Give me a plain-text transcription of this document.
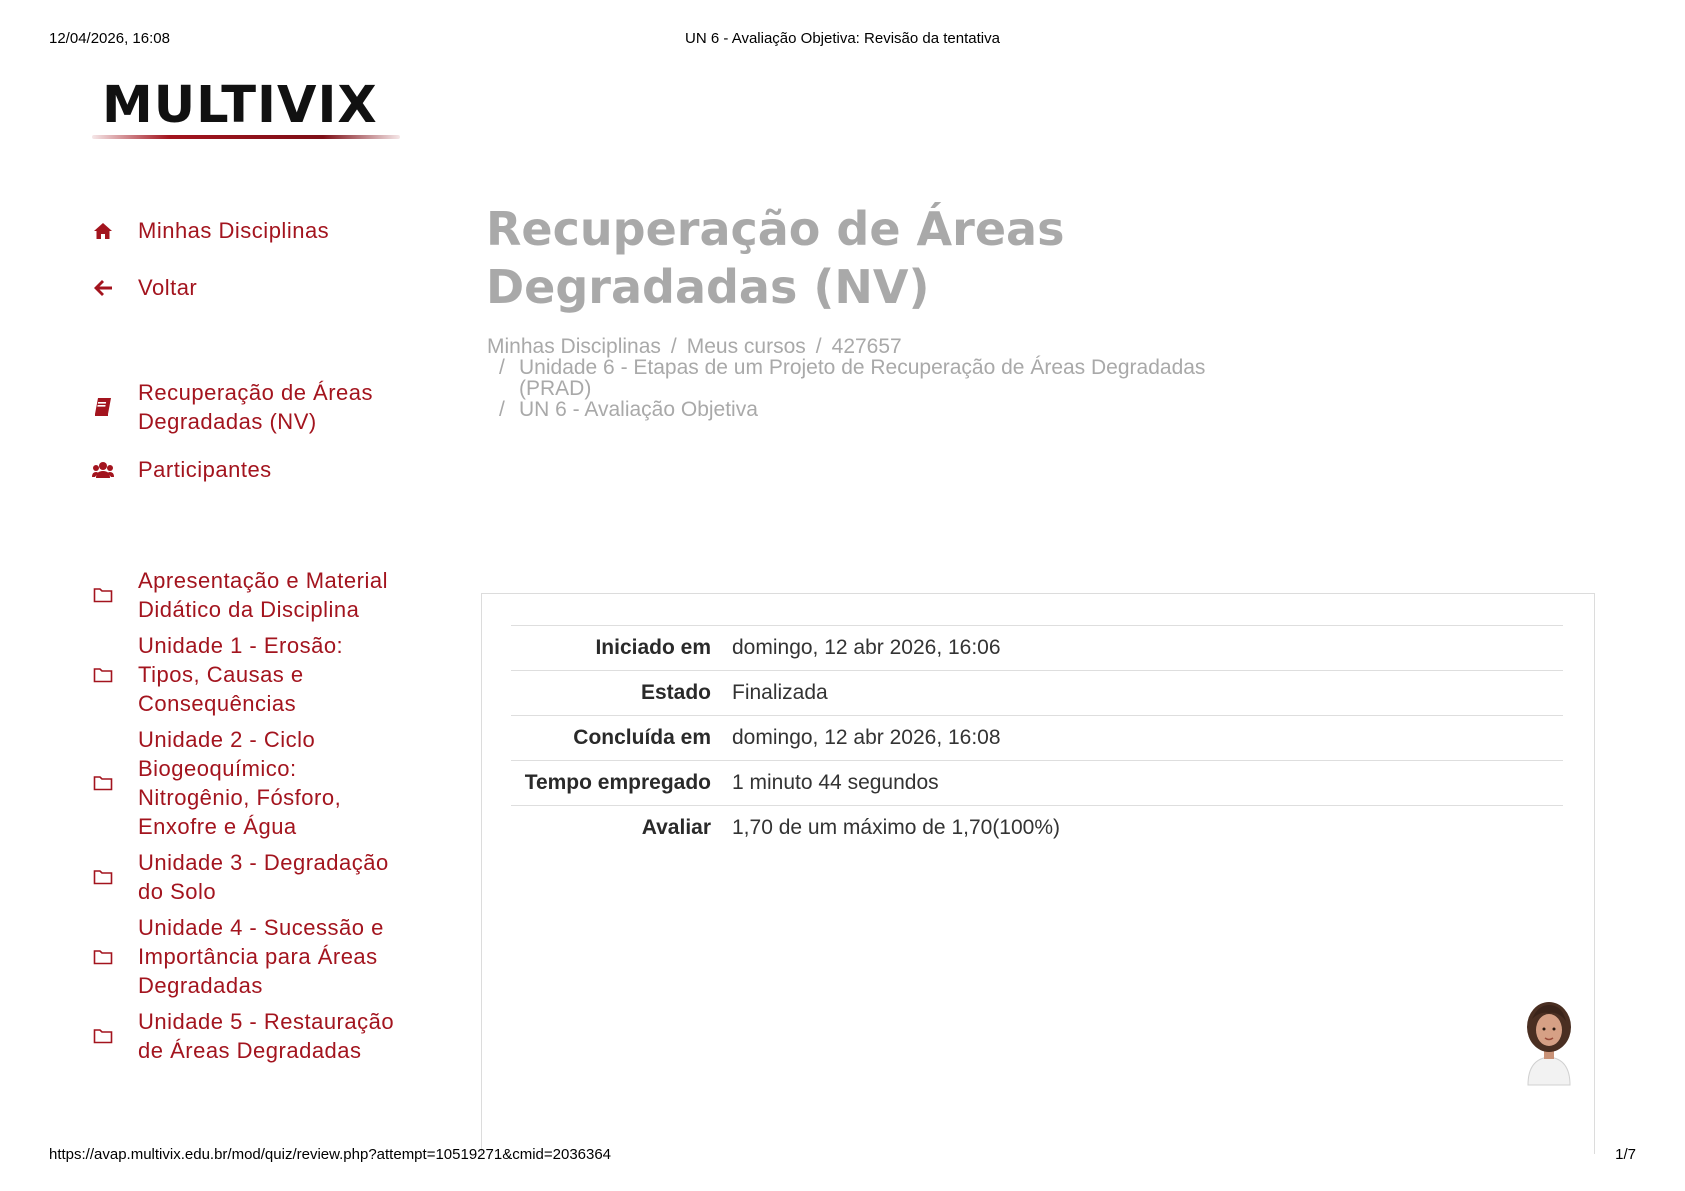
12/04/2026, 16:08	UN 6 - Avaliação Objetiva: Revisão da tentativa
MULTIVIX
Minhas Disciplinas
Voltar
Recuperação de Áreas Degradadas (NV)
Participantes
Apresentação e Material Didático da Disciplina
Unidade 1 - Erosão: Tipos, Causas e Consequências
Unidade 2 - Ciclo Biogeoquímico: Nitrogênio, Fósforo, Enxofre e Água
Unidade 3 - Degradação do Solo
Unidade 4 - Sucessão e Importância para Áreas Degradadas
Unidade 5 - Restauração de Áreas Degradadas
Recuperação de Áreas Degradadas (NV)
Minhas Disciplinas / Meus cursos / 427657
/ Unidade 6 - Etapas de um Projeto de Recuperação de Áreas Degradadas (PRAD)
/ UN 6 - Avaliação Objetiva
Iniciado em	domingo, 12 abr 2026, 16:06
Estado	Finalizada
Concluída em	domingo, 12 abr 2026, 16:08
Tempo empregado	1 minuto 44 segundos
Avaliar	1,70 de um máximo de 1,70(100%)
https://avap.multivix.edu.br/mod/quiz/review.php?attempt=10519271&cmid=2036364	1/7
